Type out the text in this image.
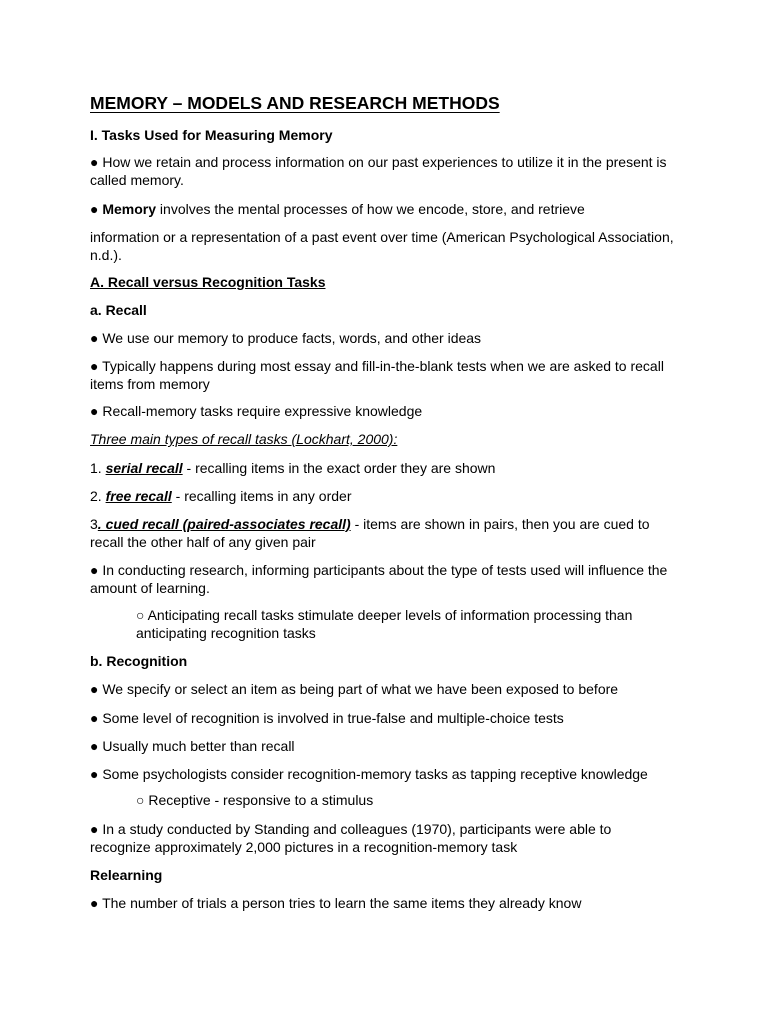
MEMORY – MODELS AND RESEARCH METHODS
I. Tasks Used for Measuring Memory
● How we retain and process information on our past experiences to utilize it in the present is called memory.
● Memory involves the mental processes of how we encode, store, and retrieve
information or a representation of a past event over time (American Psychological Association, n.d.).
A. Recall versus Recognition Tasks
a. Recall
● We use our memory to produce facts, words, and other ideas
● Typically happens during most essay and fill-in-the-blank tests when we are asked to recall items from memory
● Recall-memory tasks require expressive knowledge
Three main types of recall tasks (Lockhart, 2000):
1. serial recall - recalling items in the exact order they are shown
2. free recall - recalling items in any order
3. cued recall (paired-associates recall) - items are shown in pairs, then you are cued to recall the other half of any given pair
● In conducting research, informing participants about the type of tests used will influence the amount of learning.
○ Anticipating recall tasks stimulate deeper levels of information processing than anticipating recognition tasks
b. Recognition
● We specify or select an item as being part of what we have been exposed to before
● Some level of recognition is involved in true-false and multiple-choice tests
● Usually much better than recall
● Some psychologists consider recognition-memory tasks as tapping receptive knowledge
○ Receptive - responsive to a stimulus
● In a study conducted by Standing and colleagues (1970), participants were able to recognize approximately 2,000 pictures in a recognition-memory task
Relearning
● The number of trials a person tries to learn the same items they already know
